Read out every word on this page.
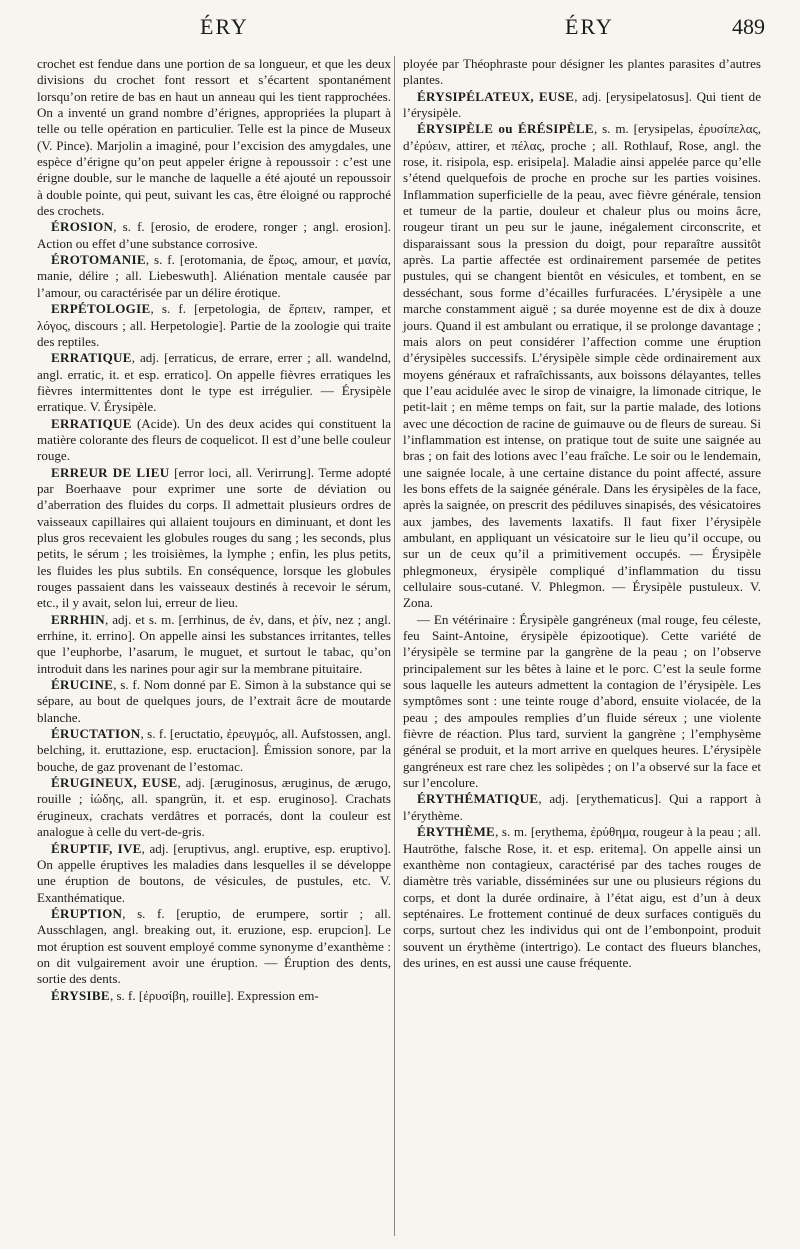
ÉRY	ÉRY	489

crochet est fendue dans une portion de sa longueur, et que les deux divisions du crochet font ressort et s’écartent spontanément lorsqu’on retire de bas en haut un anneau qui les tient rapprochées. On a inventé un grand nombre d’érignes, appropriées la plupart à telle ou telle opération en particulier. Telle est la pince de Museux (V. Pince). Marjolin a imaginé, pour l’excision des amygdales, une espèce d’érigne qu’on peut appeler érigne à repoussoir : c’est une érigne double, sur le manche de laquelle a été ajouté un repoussoir à double pointe, qui peut, suivant les cas, être éloigné ou rapproché des crochets.

ÉROSION, s. f. [erosio, de erodere, ronger ; angl. erosion]. Action ou effet d’une substance corrosive.

ÉROTOMANIE, s. f. [erotomania, de ἔρως, amour, et μανία, manie, délire ; all. Liebeswuth]. Aliénation mentale causée par l’amour, ou caractérisée par un délire érotique.

ERPÉTOLOGIE, s. f. [erpetologia, de ἕρπειν, ramper, et λόγος, discours ; all. Herpetologie]. Partie de la zoologie qui traite des reptiles.

ERRATIQUE, adj. [erraticus, de errare, errer ; all. wandelnd, angl. erratic, it. et esp. erratico]. On appelle fièvres erratiques les fièvres intermittentes dont le type est irrégulier. — Érysipèle erratique. V. Érysipèle.

ERRATIQUE (Acide). Un des deux acides qui constituent la matière colorante des fleurs de coquelicot. Il est d’une belle couleur rouge.

ERREUR DE LIEU [error loci, all. Verirrung]. Terme adopté par Boerhaave pour exprimer une sorte de déviation ou d’aberration des fluides du corps. Il admettait plusieurs ordres de vaisseaux capillaires qui allaient toujours en diminuant, et dont les plus gros recevaient les globules rouges du sang ; les seconds, plus petits, le sérum ; les troisièmes, la lymphe ; enfin, les plus petits, les fluides les plus subtils. En conséquence, lorsque les globules rouges passaient dans les vaisseaux destinés à recevoir le sérum, etc., il y avait, selon lui, erreur de lieu.

ERRHIN, adj. et s. m. [errhinus, de ἐν, dans, et ῥίν, nez ; angl. errhine, it. errino]. On appelle ainsi les substances irritantes, telles que l’euphorbe, l’asarum, le muguet, et surtout le tabac, qu’on introduit dans les narines pour agir sur la membrane pituitaire.

ÉRUCINE, s. f. Nom donné par E. Simon à la substance qui se sépare, au bout de quelques jours, de l’extrait âcre de moutarde blanche.

ÉRUCTATION, s. f. [eructatio, ἐρευγμός, all. Aufstossen, angl. belching, it. eruttazione, esp. eructacion]. Émission sonore, par la bouche, de gaz provenant de l’estomac.

ÉRUGINEUX, EUSE, adj. [æruginosus, æruginus, de ærugo, rouille ; ἰώδης, all. spangrün, it. et esp. eruginoso]. Crachats érugineux, crachats verdâtres et porracés, dont la couleur est analogue à celle du vert-de-gris.

ÉRUPTIF, IVE, adj. [eruptivus, angl. eruptive, esp. eruptivo]. On appelle éruptives les maladies dans lesquelles il se développe une éruption de boutons, de vésicules, de pustules, etc. V. Exanthématique.

ÉRUPTION, s. f. [eruptio, de erumpere, sortir ; all. Ausschlagen, angl. breaking out, it. eruzione, esp. erupcion]. Le mot éruption est souvent employé comme synonyme d’exanthème : on dit vulgairement avoir une éruption. — Éruption des dents, sortie des dents.

ÉRYSIBE, s. f. [ἐρυσίβη, rouille]. Expression em-

ployée par Théophraste pour désigner les plantes parasites d’autres plantes.

ÉRYSIPÉLATEUX, EUSE, adj. [erysipelatosus]. Qui tient de l’érysipèle.

ÉRYSIPÈLE ou ÉRÉSIPÈLE, s. m. [erysipelas, ἐρυσίπελας, d’ἐρύειν, attirer, et πέλας, proche ; all. Rothlauf, Rose, angl. the rose, it. risipola, esp. erisipela]. Maladie ainsi appelée parce qu’elle s’étend quelquefois de proche en proche sur les parties voisines. Inflammation superficielle de la peau, avec fièvre générale, tension et tumeur de la partie, douleur et chaleur plus ou moins âcre, rougeur tirant un peu sur le jaune, inégalement circonscrite, et disparaissant sous la pression du doigt, pour reparaître aussitôt après. La partie affectée est ordinairement parsemée de petites pustules, qui se changent bientôt en vésicules, et tombent, en se desséchant, sous forme d’écailles furfuracées. L’érysipèle a une marche constamment aiguë ; sa durée moyenne est de dix à douze jours. Quand il est ambulant ou erratique, il se prolonge davantage ; mais alors on peut considérer l’affection comme une éruption d’érysipèles successifs. L’érysipèle simple cède ordinairement aux moyens généraux et rafraîchissants, aux boissons délayantes, telles que l’eau acidulée avec le sirop de vinaigre, la limonade citrique, le petit-lait ; en même temps on fait, sur la partie malade, des lotions avec une décoction de racine de guimauve ou de fleurs de sureau. Si l’inflammation est intense, on pratique tout de suite une saignée au bras ; on fait des lotions avec l’eau fraîche. Le soir ou le lendemain, une saignée locale, à une certaine distance du point affecté, assure les bons effets de la saignée générale. Dans les érysipèles de la face, après la saignée, on prescrit des pédiluves sinapisés, des vésicatoires aux jambes, des lavements laxatifs. Il faut fixer l’érysipèle ambulant, en appliquant un vésicatoire sur le lieu qu’il occupe, ou sur un de ceux qu’il a primitivement occupés. — Érysipèle phlegmoneux, érysipèle compliqué d’inflammation du tissu cellulaire sous-cutané. V. Phlegmon. — Érysipèle pustuleux. V. Zona.

— En vétérinaire : Érysipèle gangréneux (mal rouge, feu céleste, feu Saint-Antoine, érysipèle épizootique). Cette variété de l’érysipèle se termine par la gangrène de la peau ; on l’observe principalement sur les bêtes à laine et le porc. C’est la seule forme sous laquelle les auteurs admettent la contagion de l’érysipèle. Les symptômes sont : une teinte rouge d’abord, ensuite violacée, de la peau ; des ampoules remplies d’un fluide séreux ; une violente fièvre de réaction. Plus tard, survient la gangrène ; l’emphysème général se produit, et la mort arrive en quelques heures. L’érysipèle gangréneux est rare chez les solipèdes ; on l’a observé sur la face et sur l’encolure.

ÉRYTHÉMATIQUE, adj. [erythematicus]. Qui a rapport à l’érythème.

ÉRYTHÈME, s. m. [erythema, ἐρύθημα, rougeur à la peau ; all. Hautröthe, falsche Rose, it. et esp. eritema]. On appelle ainsi un exanthème non contagieux, caractérisé par des taches rouges de diamètre très variable, disséminées sur une ou plusieurs régions du corps, et dont la durée ordinaire, à l’état aigu, est d’un à deux septénaires. Le frottement continué de deux surfaces contiguës du corps, surtout chez les individus qui ont de l’embonpoint, produit souvent un érythème (intertrigo). Le contact des flueurs blanches, des urines, en est aussi une cause fréquente.
